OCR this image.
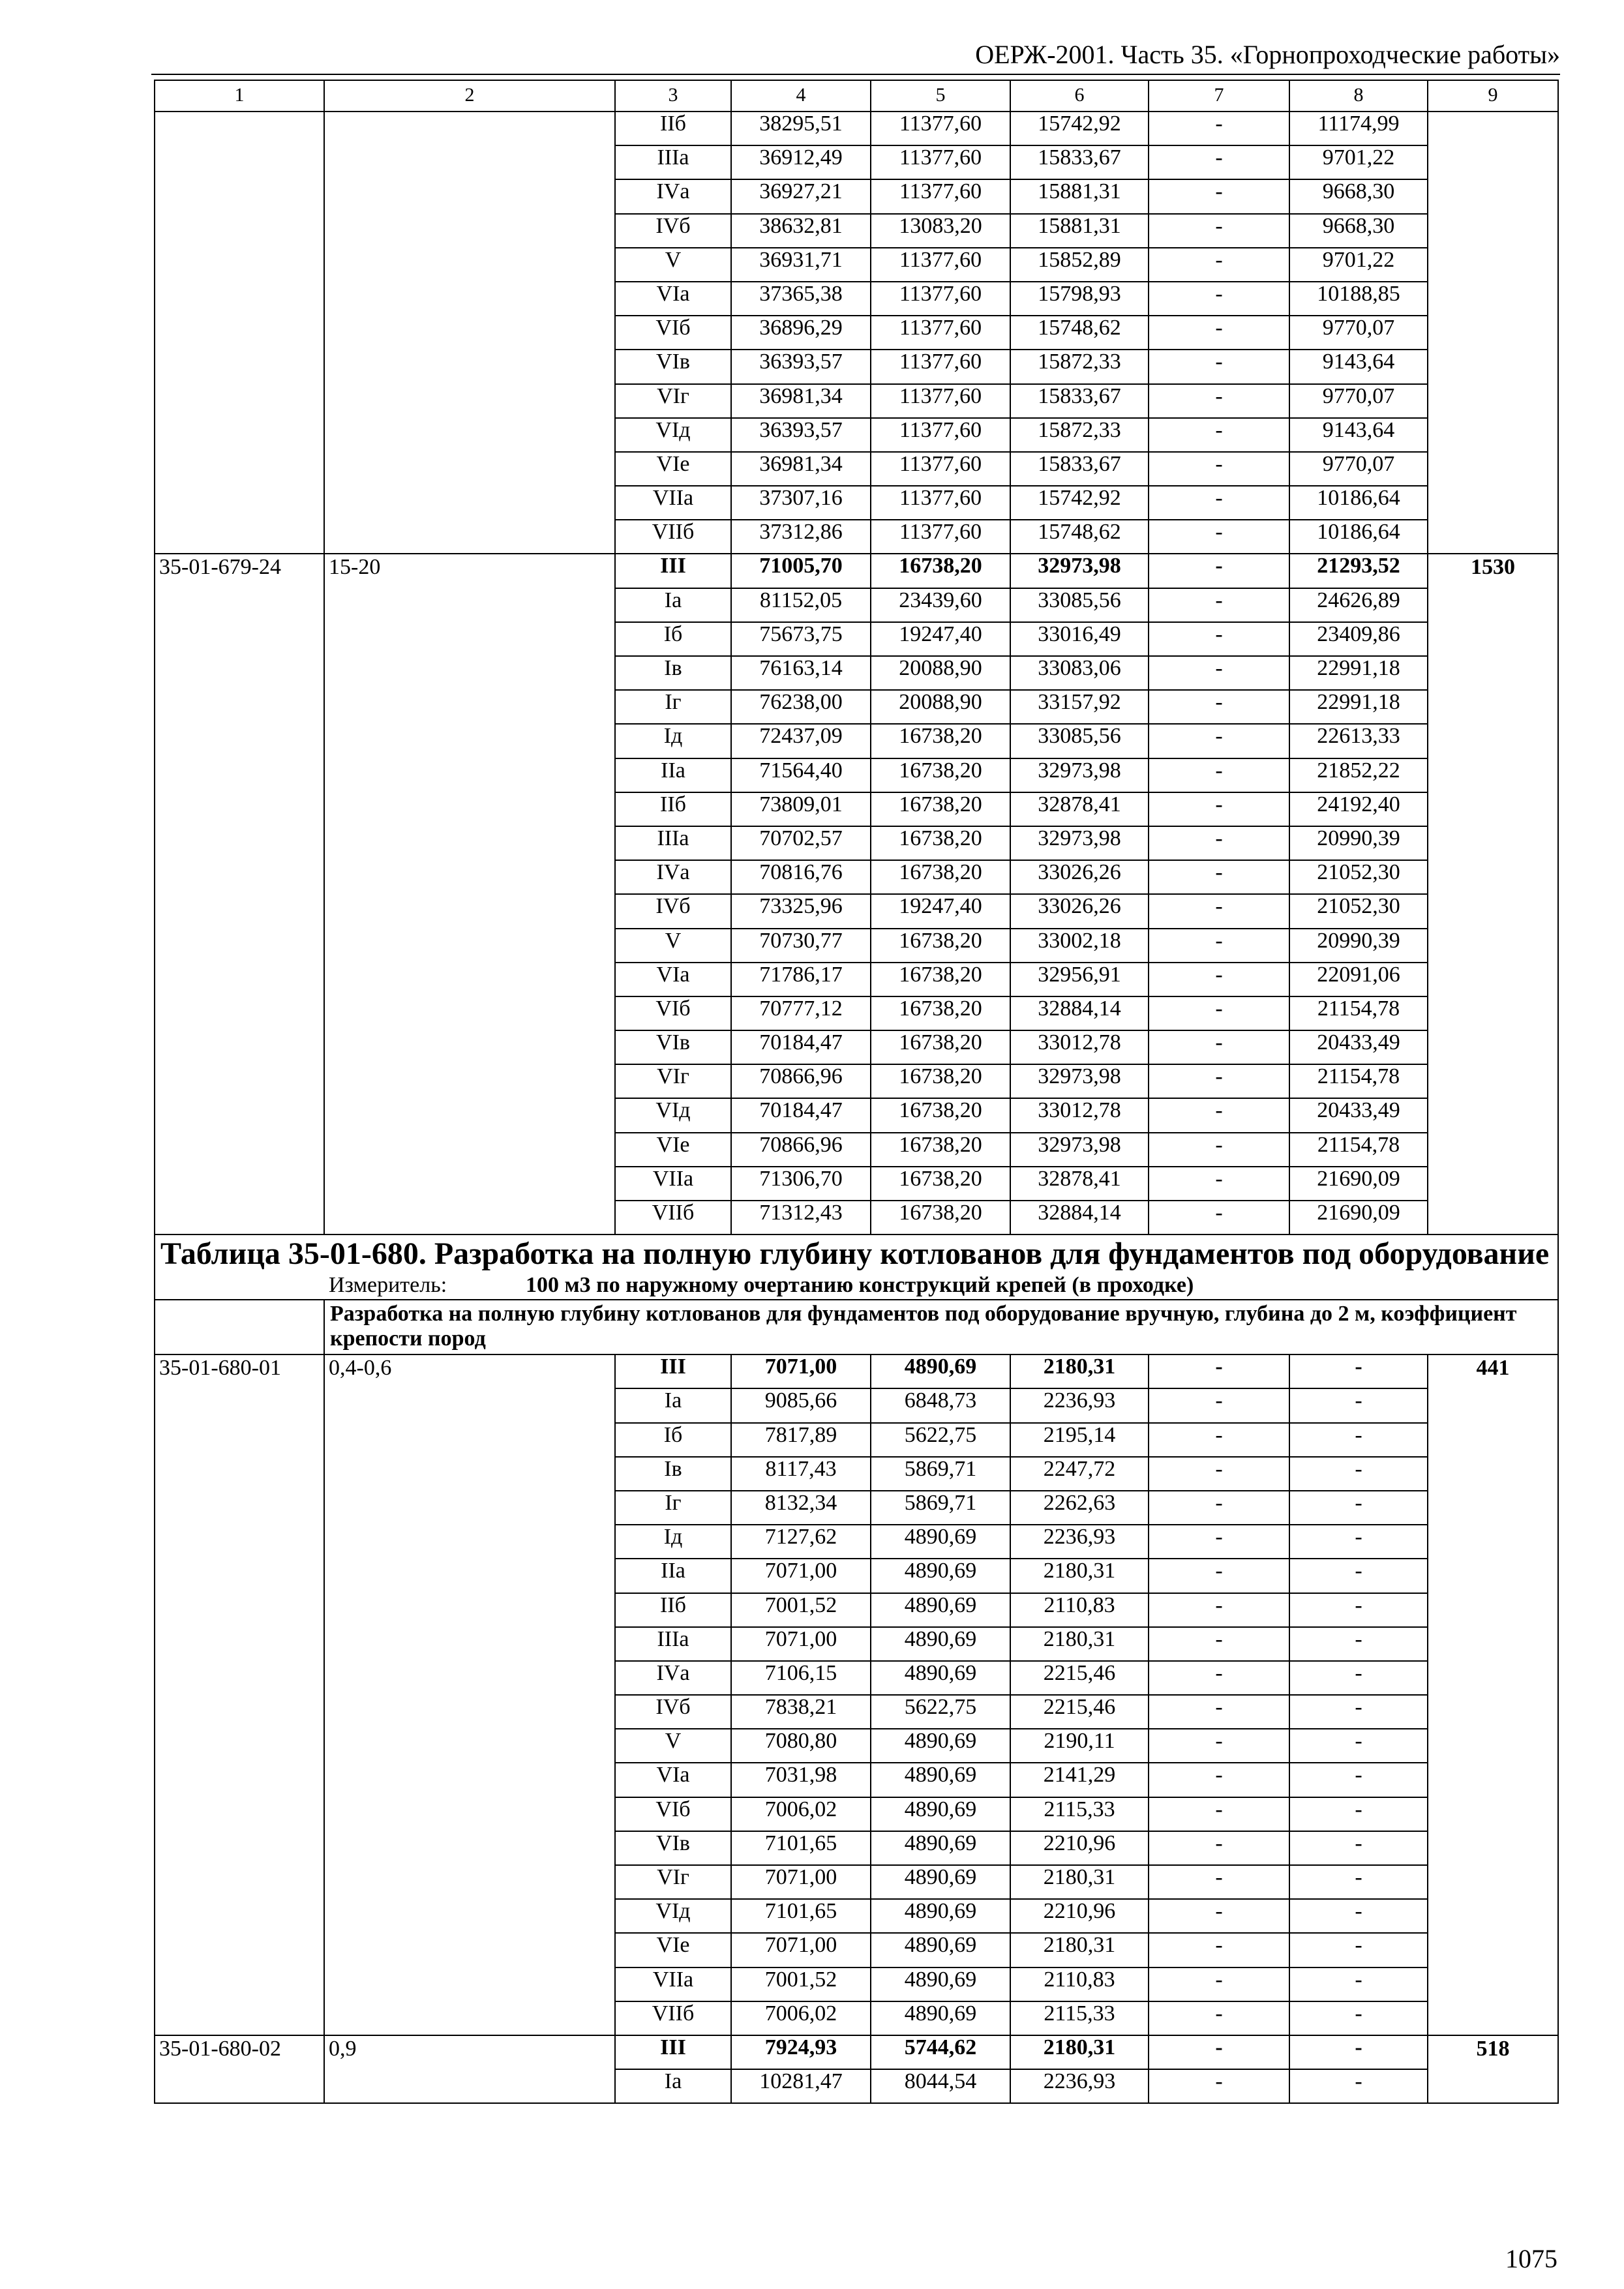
ОЕРЖ-2001. Часть 35. «Горнопроходческие работы»
1	2	3	4	5	6	7	8	9
		IIб	38295,51	11377,60	15742,92	-	11174,99	
		IIIа	36912,49	11377,60	15833,67	-	9701,22	
		IVа	36927,21	11377,60	15881,31	-	9668,30	
		IVб	38632,81	13083,20	15881,31	-	9668,30	
		V	36931,71	11377,60	15852,89	-	9701,22	
		VIа	37365,38	11377,60	15798,93	-	10188,85	
		VIб	36896,29	11377,60	15748,62	-	9770,07	
		VIв	36393,57	11377,60	15872,33	-	9143,64	
		VIг	36981,34	11377,60	15833,67	-	9770,07	
		VIд	36393,57	11377,60	15872,33	-	9143,64	
		VIе	36981,34	11377,60	15833,67	-	9770,07	
		VIIа	37307,16	11377,60	15742,92	-	10186,64	
		VIIб	37312,86	11377,60	15748,62	-	10186,64	
35-01-679-24	15-20	III	71005,70	16738,20	32973,98	-	21293,52	1530
		Iа	81152,05	23439,60	33085,56	-	24626,89	
		Iб	75673,75	19247,40	33016,49	-	23409,86	
		Iв	76163,14	20088,90	33083,06	-	22991,18	
		Iг	76238,00	20088,90	33157,92	-	22991,18	
		Iд	72437,09	16738,20	33085,56	-	22613,33	
		IIа	71564,40	16738,20	32973,98	-	21852,22	
		IIб	73809,01	16738,20	32878,41	-	24192,40	
		IIIа	70702,57	16738,20	32973,98	-	20990,39	
		IVа	70816,76	16738,20	33026,26	-	21052,30	
		IVб	73325,96	19247,40	33026,26	-	21052,30	
		V	70730,77	16738,20	33002,18	-	20990,39	
		VIа	71786,17	16738,20	32956,91	-	22091,06	
		VIб	70777,12	16738,20	32884,14	-	21154,78	
		VIв	70184,47	16738,20	33012,78	-	20433,49	
		VIг	70866,96	16738,20	32973,98	-	21154,78	
		VIд	70184,47	16738,20	33012,78	-	20433,49	
		VIе	70866,96	16738,20	32973,98	-	21154,78	
		VIIа	71306,70	16738,20	32878,41	-	21690,09	
		VIIб	71312,43	16738,20	32884,14	-	21690,09	

Таблица 35-01-680. Разработка на полную глубину котлованов для фундаментов под оборудование
Измеритель: 100 м3 по наружному очертанию конструкций крепей (в проходке)								

	Разработка на полную глубину котлованов для фундаментов под оборудование вручную, глубина до 2 м, коэффициент крепости пород							
35-01-680-01	0,4-0,6	III	7071,00	4890,69	2180,31	-	-	441
		Iа	9085,66	6848,73	2236,93	-	-	
		Iб	7817,89	5622,75	2195,14	-	-	
		Iв	8117,43	5869,71	2247,72	-	-	
		Iг	8132,34	5869,71	2262,63	-	-	
		Iд	7127,62	4890,69	2236,93	-	-	
		IIа	7071,00	4890,69	2180,31	-	-	
		IIб	7001,52	4890,69	2110,83	-	-	
		IIIа	7071,00	4890,69	2180,31	-	-	
		IVа	7106,15	4890,69	2215,46	-	-	
		IVб	7838,21	5622,75	2215,46	-	-	
		V	7080,80	4890,69	2190,11	-	-	
		VIа	7031,98	4890,69	2141,29	-	-	
		VIб	7006,02	4890,69	2115,33	-	-	
		VIв	7101,65	4890,69	2210,96	-	-	
		VIг	7071,00	4890,69	2180,31	-	-	
		VIд	7101,65	4890,69	2210,96	-	-	
		VIе	7071,00	4890,69	2180,31	-	-	
		VIIа	7001,52	4890,69	2110,83	-	-	
		VIIб	7006,02	4890,69	2115,33	-	-	
35-01-680-02	0,9	III	7924,93	5744,62	2180,31	-	-	518
		Iа	10281,47	8044,54	2236,93	-	-	
1075
